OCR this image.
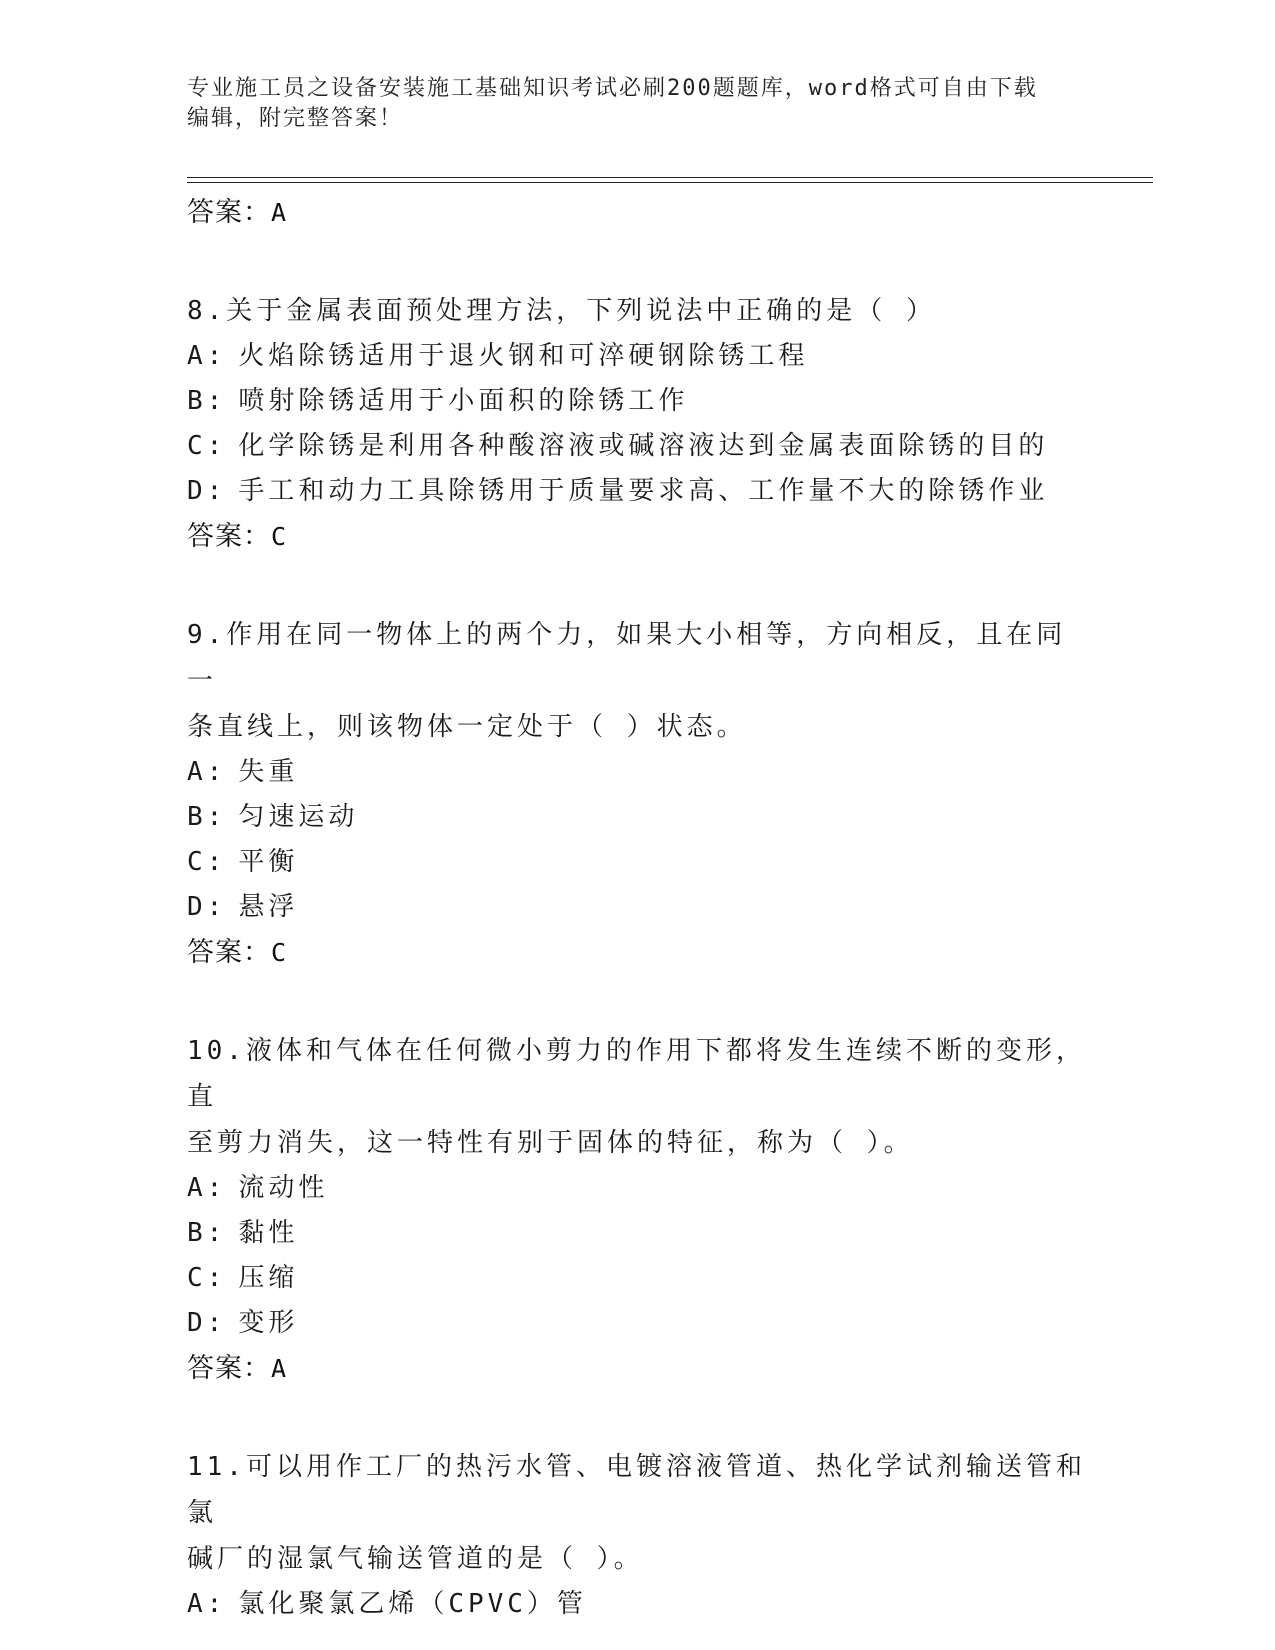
专业施工员之设备安装施工基础知识考试必刷200题题库，word格式可自由下载
编辑，附完整答案！
答案：A
8.关于金属表面预处理方法，下列说法中正确的是（ ）
A: 火焰除锈适用于退火钢和可淬硬钢除锈工程
B: 喷射除锈适用于小面积的除锈工作
C: 化学除锈是利用各种酸溶液或碱溶液达到金属表面除锈的目的
D: 手工和动力工具除锈用于质量要求高、工作量不大的除锈作业
答案：C
9.作用在同一物体上的两个力，如果大小相等，方向相反，且在同一
条直线上，则该物体一定处于（ ）状态。
A: 失重
B: 匀速运动
C: 平衡
D: 悬浮
答案：C
10.液体和气体在任何微小剪力的作用下都将发生连续不断的变形，直
至剪力消失，这一特性有别于固体的特征，称为（ ）。
A: 流动性
B: 黏性
C: 压缩
D: 变形
答案：A
11.可以用作工厂的热污水管、电镀溶液管道、热化学试剂输送管和氯
碱厂的湿氯气输送管道的是（ ）。
A: 氯化聚氯乙烯（CPVC）管
